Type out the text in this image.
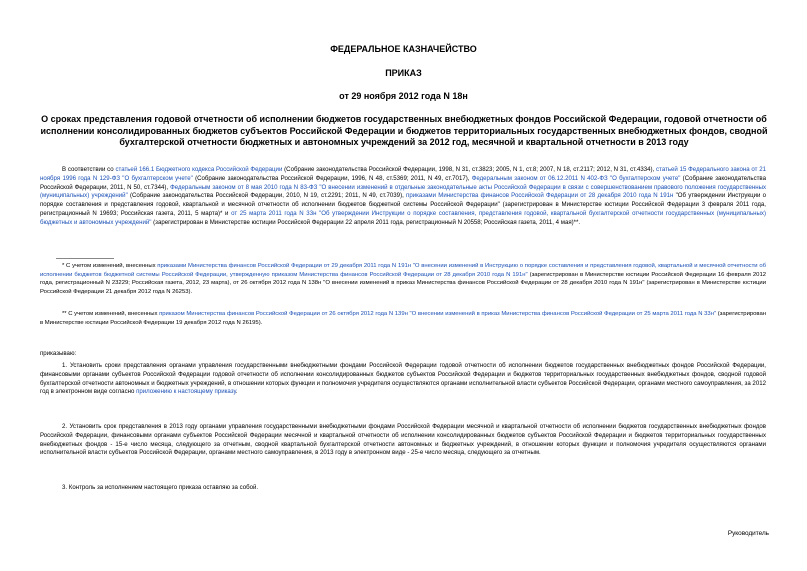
ФЕДЕРАЛЬНОЕ КАЗНАЧЕЙСТВО
ПРИКАЗ
от 29 ноября 2012 года N 18н
О сроках представления годовой отчетности об исполнении бюджетов государственных внебюджетных фондов Российской Федерации, годовой отчетности об исполнении консолидированных бюджетов субъектов Российской Федерации и бюджетов территориальных государственных внебюджетных фондов, сводной бухгалтерской отчетности бюджетных и автономных учреждений за 2012 год, месячной и квартальной отчетности в 2013 году
В соответствии со статьей 166.1 Бюджетного кодекса Российской Федерации (Собрание законодательства Российской Федерации, 1998, N 31, ст.3823; 2005, N 1, ст.8; 2007, N 18, ст.2117; 2012, N 31, ст.4334), статьей 15 Федерального закона от 21 ноября 1996 года N 129-ФЗ "О бухгалтерском учете" (Собрание законодательства Российской Федерации, 1996, N 48, ст.5369; 2011, N 49, ст.7017), Федеральным законом от 06.12.2011 N 402-ФЗ "О бухгалтерском учете" (Собрание законодательства Российской Федерации, 2011, N 50, ст.7344), Федеральным законом от 8 мая 2010 года N 83-ФЗ "О внесении изменений в отдельные законодательные акты Российской Федерации в связи с совершенствованием правового положения государственных (муниципальных) учреждений" (Собрание законодательства Российской Федерации, 2010, N 19, ст.2291; 2011, N 49, ст.7039), приказами Министерства финансов Российской Федерации от 28 декабря 2010 года N 191н "Об утверждении Инструкции о порядке составления и представления годовой, квартальной и месячной отчетности об исполнении бюджетов бюджетной системы Российской Федерации" (зарегистрирован в Министерстве юстиции Российской Федерации 3 февраля 2011 года, регистрационный N 19693; Российская газета, 2011, 5 марта)* и от 25 марта 2011 года N 33н "Об утверждении Инструкции о порядке составления, представления годовой, квартальной бухгалтерской отчетности государственных (муниципальных) бюджетных и автономных учреждений" (зарегистрирован в Министерстве юстиции Российской Федерации 22 апреля 2011 года, регистрационный N 20558; Российская газета, 2011, 4 мая)**.
* С учетом изменений, внесенных приказами Министерства финансов Российской Федерации от 29 декабря 2011 года N 191н "О внесении изменений в Инструкцию о порядке составления и представления годовой, квартальной и месячной отчетности об исполнении бюджетов бюджетной системы Российской Федерации, утвержденную приказом Министерства финансов Российской Федерации от 28 декабря 2010 года N 191н" (зарегистрирован в Министерстве юстиции Российской Федерации 16 февраля 2012 года, регистрационный N 23229; Российская газета, 2012, 23 марта), от 26 октября 2012 года N 138н "О внесении изменений в приказ Министерства финансов Российской Федерации от 28 декабря 2010 года N 191н" (зарегистрирован в Министерстве юстиции Российской Федерации 21 декабря 2012 года N 26253).
** С учетом изменений, внесенных приказом Министерства финансов Российской Федерации от 26 октября 2012 года N 139н "О внесении изменений в приказ Министерства финансов Российской Федерации от 25 марта 2011 года N 33н" (зарегистрирован в Министерстве юстиции Российской Федерации 19 декабря 2012 года N 26195).
приказываю:
1. Установить сроки представления органами управления государственными внебюджетными фондами Российской Федерации годовой отчетности об исполнении бюджетов государственных внебюджетных фондов Российской Федерации, финансовыми органами субъектов Российской Федерации годовой отчетности об исполнении консолидированных бюджетов субъектов Российской Федерации и бюджетов территориальных государственных внебюджетных фондов, сводной годовой бухгалтерской отчетности автономных и бюджетных учреждений, в отношении которых функции и полномочия учредителя осуществляются органами исполнительной власти субъектов Российской Федерации, органами местного самоуправления, за 2012 год в электронном виде согласно приложению к настоящему приказу.
2. Установить срок представления в 2013 году органами управления государственными внебюджетными фондами Российской Федерации месячной и квартальной отчетности об исполнении бюджетов государственных внебюджетных фондов Российской Федерации, финансовыми органами субъектов Российской Федерации месячной и квартальной отчетности об исполнении консолидированных бюджетов субъектов Российской Федерации и бюджетов территориальных государственных внебюджетных фондов - 15-е число месяца, следующего за отчетным, сводной квартальной бухгалтерской отчетности автономных и бюджетных учреждений, в отношении которых функции и полномочия учредителя осуществляются органами исполнительной власти субъектов Российской Федерации, органами местного самоуправления, в 2013 году в электронном виде - 25-е число месяца, следующего за отчетным.
3. Контроль за исполнением настоящего приказа оставляю за собой.
Руководитель
